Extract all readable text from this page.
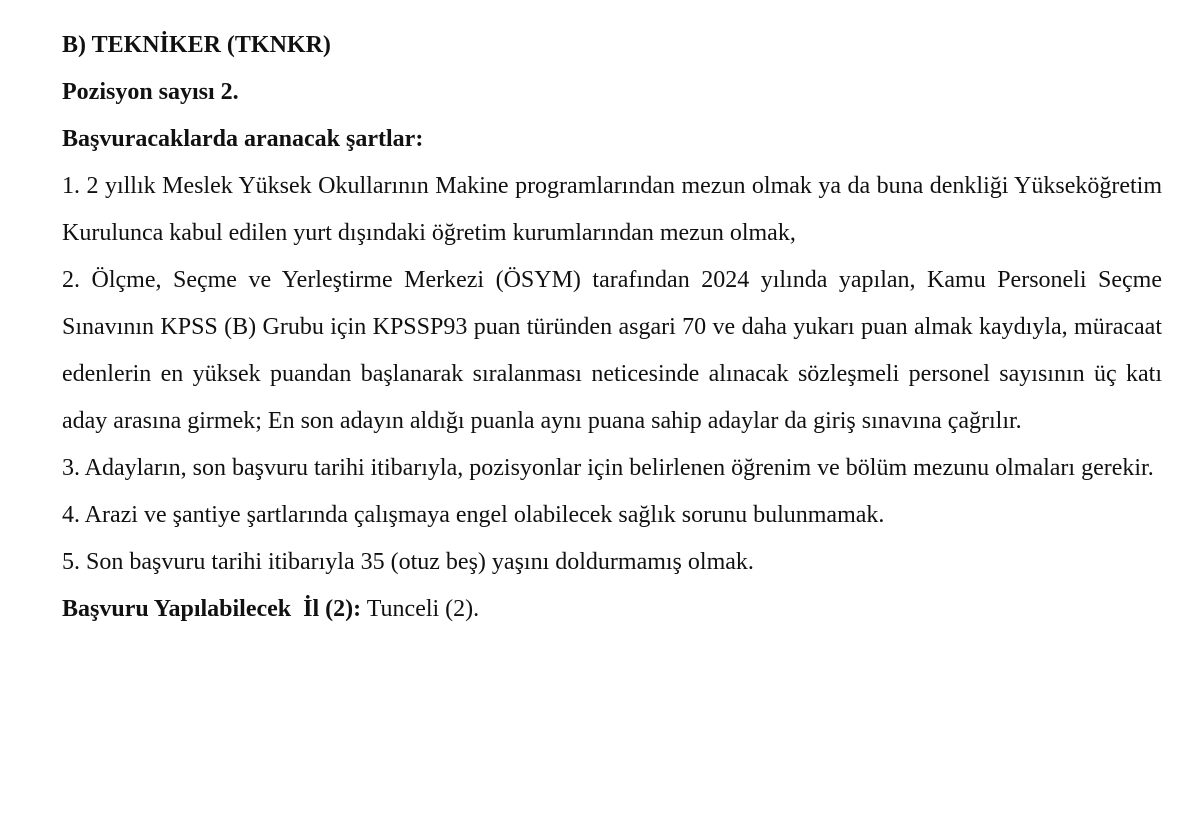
B) TEKNİKER (TKNKR)

Pozisyon sayısı 2.

Başvuracaklarda aranacak şartlar:

1. 2 yıllık Meslek Yüksek Okullarının Makine programlarından mezun olmak ya da buna denkliği Yükseköğretim Kurulunca kabul edilen yurt dışındaki öğretim kurumlarından mezun olmak,

2. Ölçme, Seçme ve Yerleştirme Merkezi (ÖSYM) tarafından 2024 yılında yapılan, Kamu Personeli Seçme Sınavının KPSS (B) Grubu için KPSSP93 puan türünden asgari 70 ve daha yukarı puan almak kaydıyla, müracaat edenlerin en yüksek puandan başlanarak sıralanması neticesinde alınacak sözleşmeli personel sayısının üç katı aday arasına girmek; En son adayın aldığı puanla aynı puana sahip adaylar da giriş sınavına çağrılır.

3. Adayların, son başvuru tarihi itibarıyla, pozisyonlar için belirlenen öğrenim ve bölüm mezunu olmaları gerekir.

4. Arazi ve şantiye şartlarında çalışmaya engel olabilecek sağlık sorunu bulunmamak.

5. Son başvuru tarihi itibarıyla 35 (otuz beş) yaşını doldurmamış olmak.

Başvuru Yapılabilecek  İl (2): Tunceli (2).
